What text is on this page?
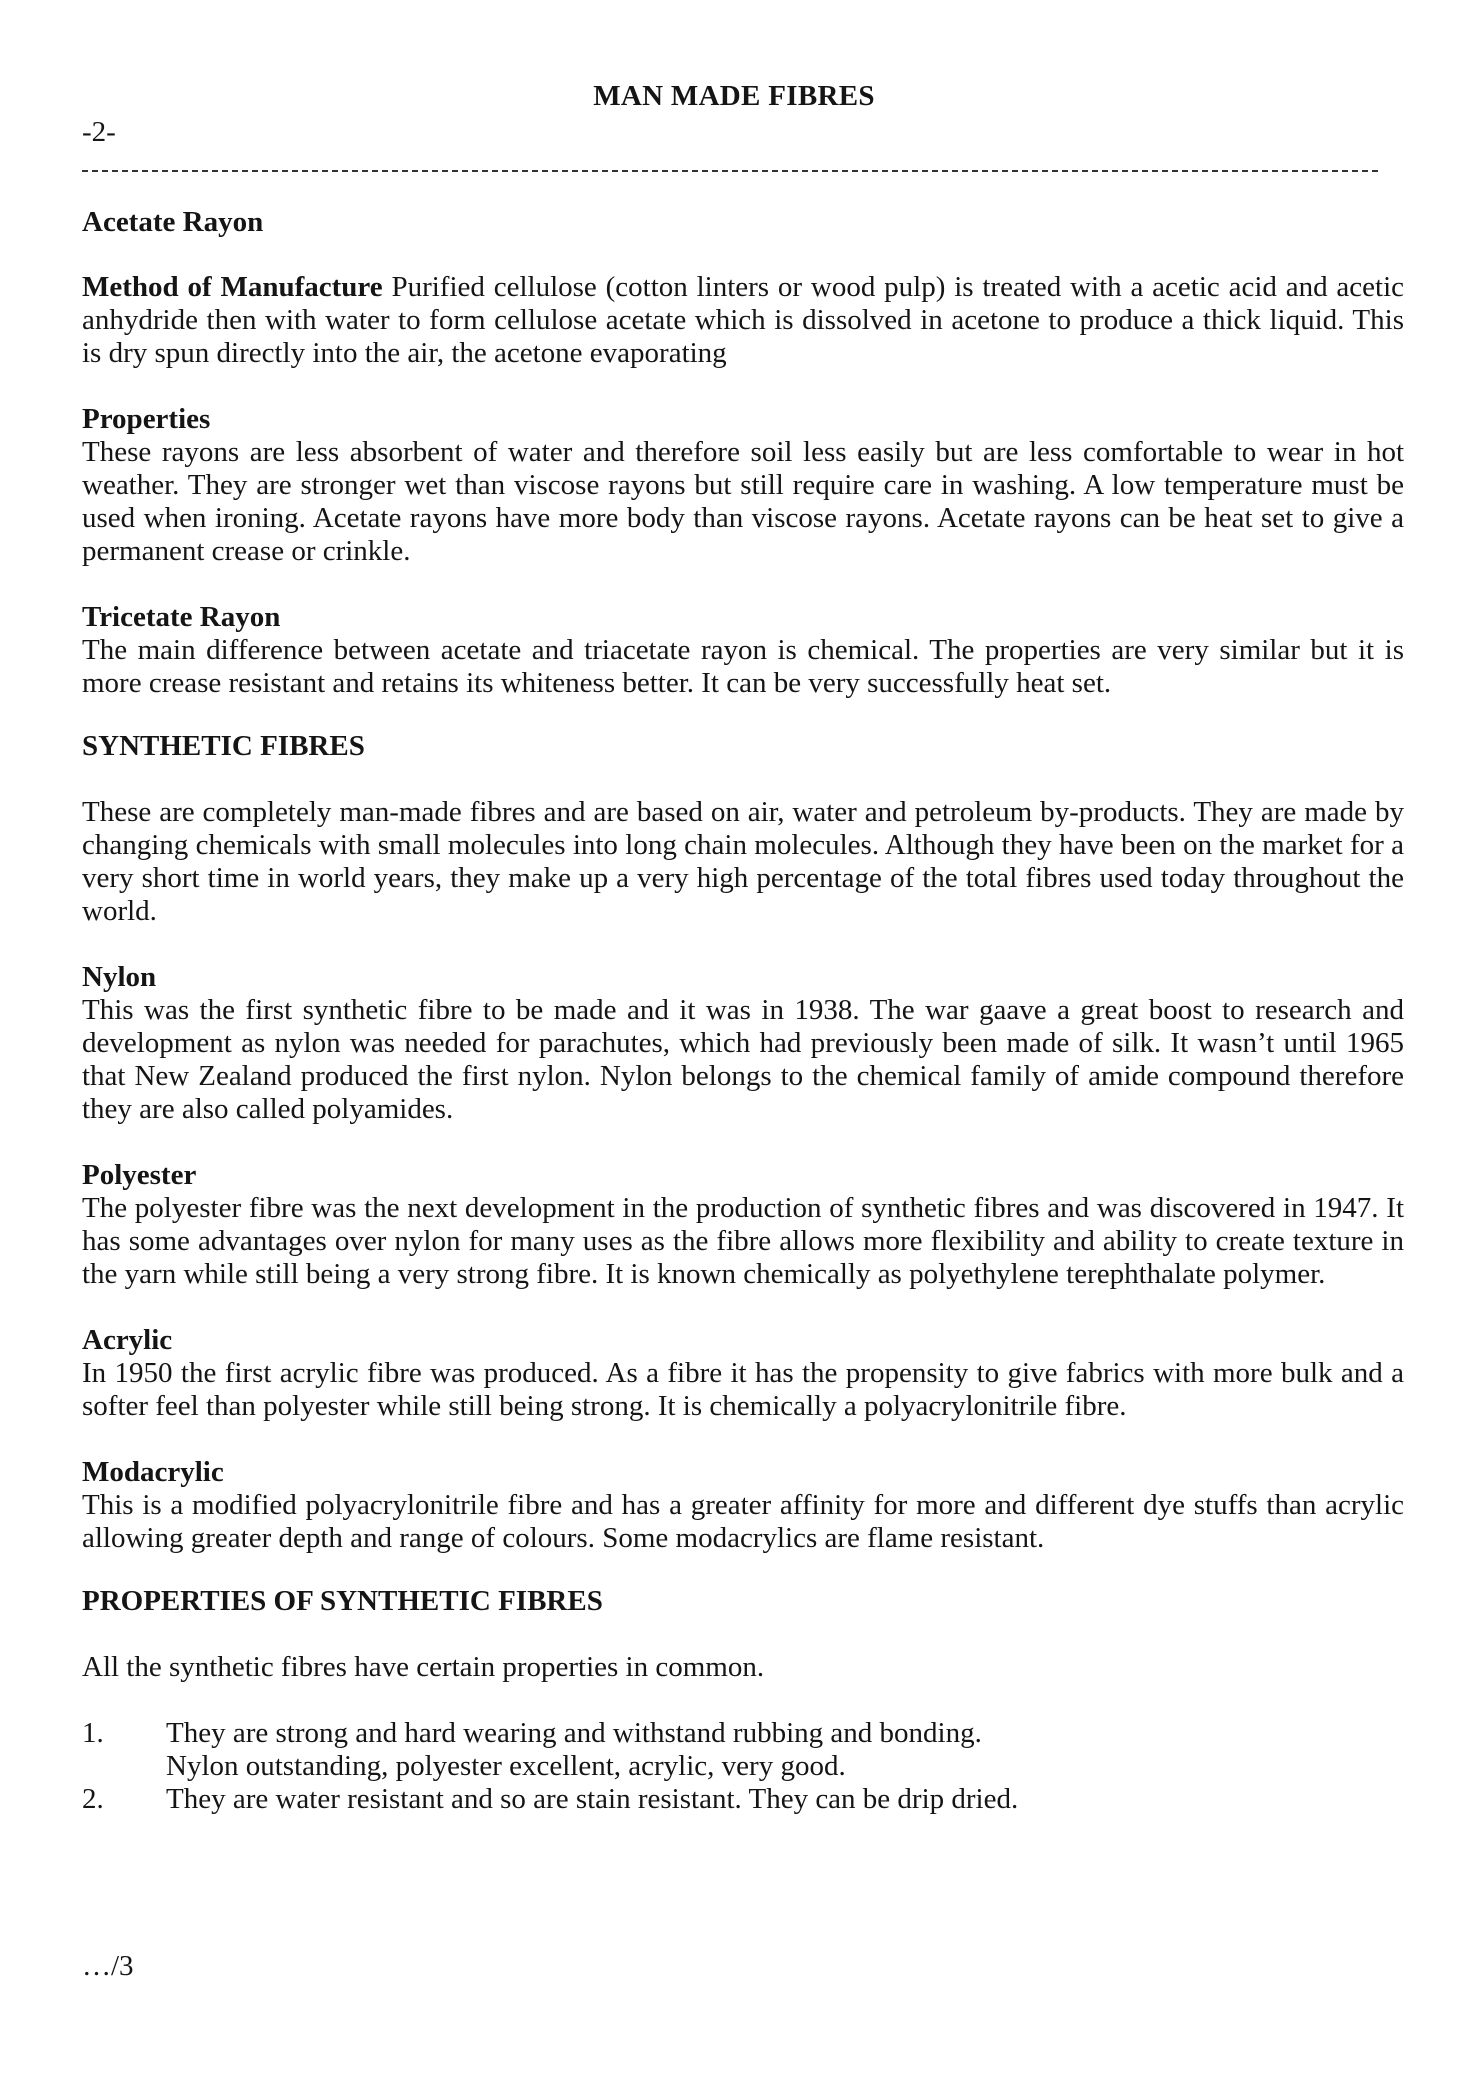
MAN MADE FIBRES
-2-
Acetate Rayon

Method of Manufacture Purified cellulose (cotton linters or wood pulp) is treated with a acetic acid and acetic anhydride then with water to form cellulose acetate which is dissolved in acetone to produce a thick liquid. This is dry spun directly into the air, the acetone evaporating

Properties

These rayons are less absorbent of water and therefore soil less easily but are less comfortable to wear in hot weather. They are stronger wet than viscose rayons but still require care in washing. A low temperature must be used when ironing. Acetate rayons have more body than viscose rayons. Acetate rayons can be heat set to give a permanent crease or crinkle.

Tricetate Rayon

The main difference between acetate and triacetate rayon is chemical. The properties are very similar but it is more crease resistant and retains its whiteness better. It can be very successfully heat set.

SYNTHETIC FIBRES

These are completely man-made fibres and are based on air, water and petroleum by-products. They are made by changing chemicals with small molecules into long chain molecules. Although they have been on the market for a very short time in world years, they make up a very high percentage of the total fibres used today throughout the world.

Nylon

This was the first synthetic fibre to be made and it was in 1938. The war gaave a great boost to research and development as nylon was needed for parachutes, which had previously been made of silk. It wasn’t until 1965 that New Zealand produced the first nylon. Nylon belongs to the chemical family of amide compound therefore they are also called polyamides.

Polyester

The polyester fibre was the next development in the production of synthetic fibres and was discovered in 1947. It has some advantages over nylon for many uses as the fibre allows more flexibility and ability to create texture in the yarn while still being a very strong fibre. It is known chemically as polyethylene terephthalate polymer.

Acrylic

In 1950 the first acrylic fibre was produced. As a fibre it has the propensity to give fabrics with more bulk and a softer feel than polyester while still being strong. It is chemically a polyacrylonitrile fibre.

Modacrylic

This is a modified polyacrylonitrile fibre and has a greater affinity for more and different dye stuffs than acrylic allowing greater depth and range of colours. Some modacrylics are flame resistant.

PROPERTIES OF SYNTHETIC FIBRES

All the synthetic fibres have certain properties in common.

1.	They are strong and hard wearing and withstand rubbing and bonding.
Nylon outstanding, polyester excellent, acrylic, very good.
2.	They are water resistant and so are stain resistant. They can be drip dried.
…/3
